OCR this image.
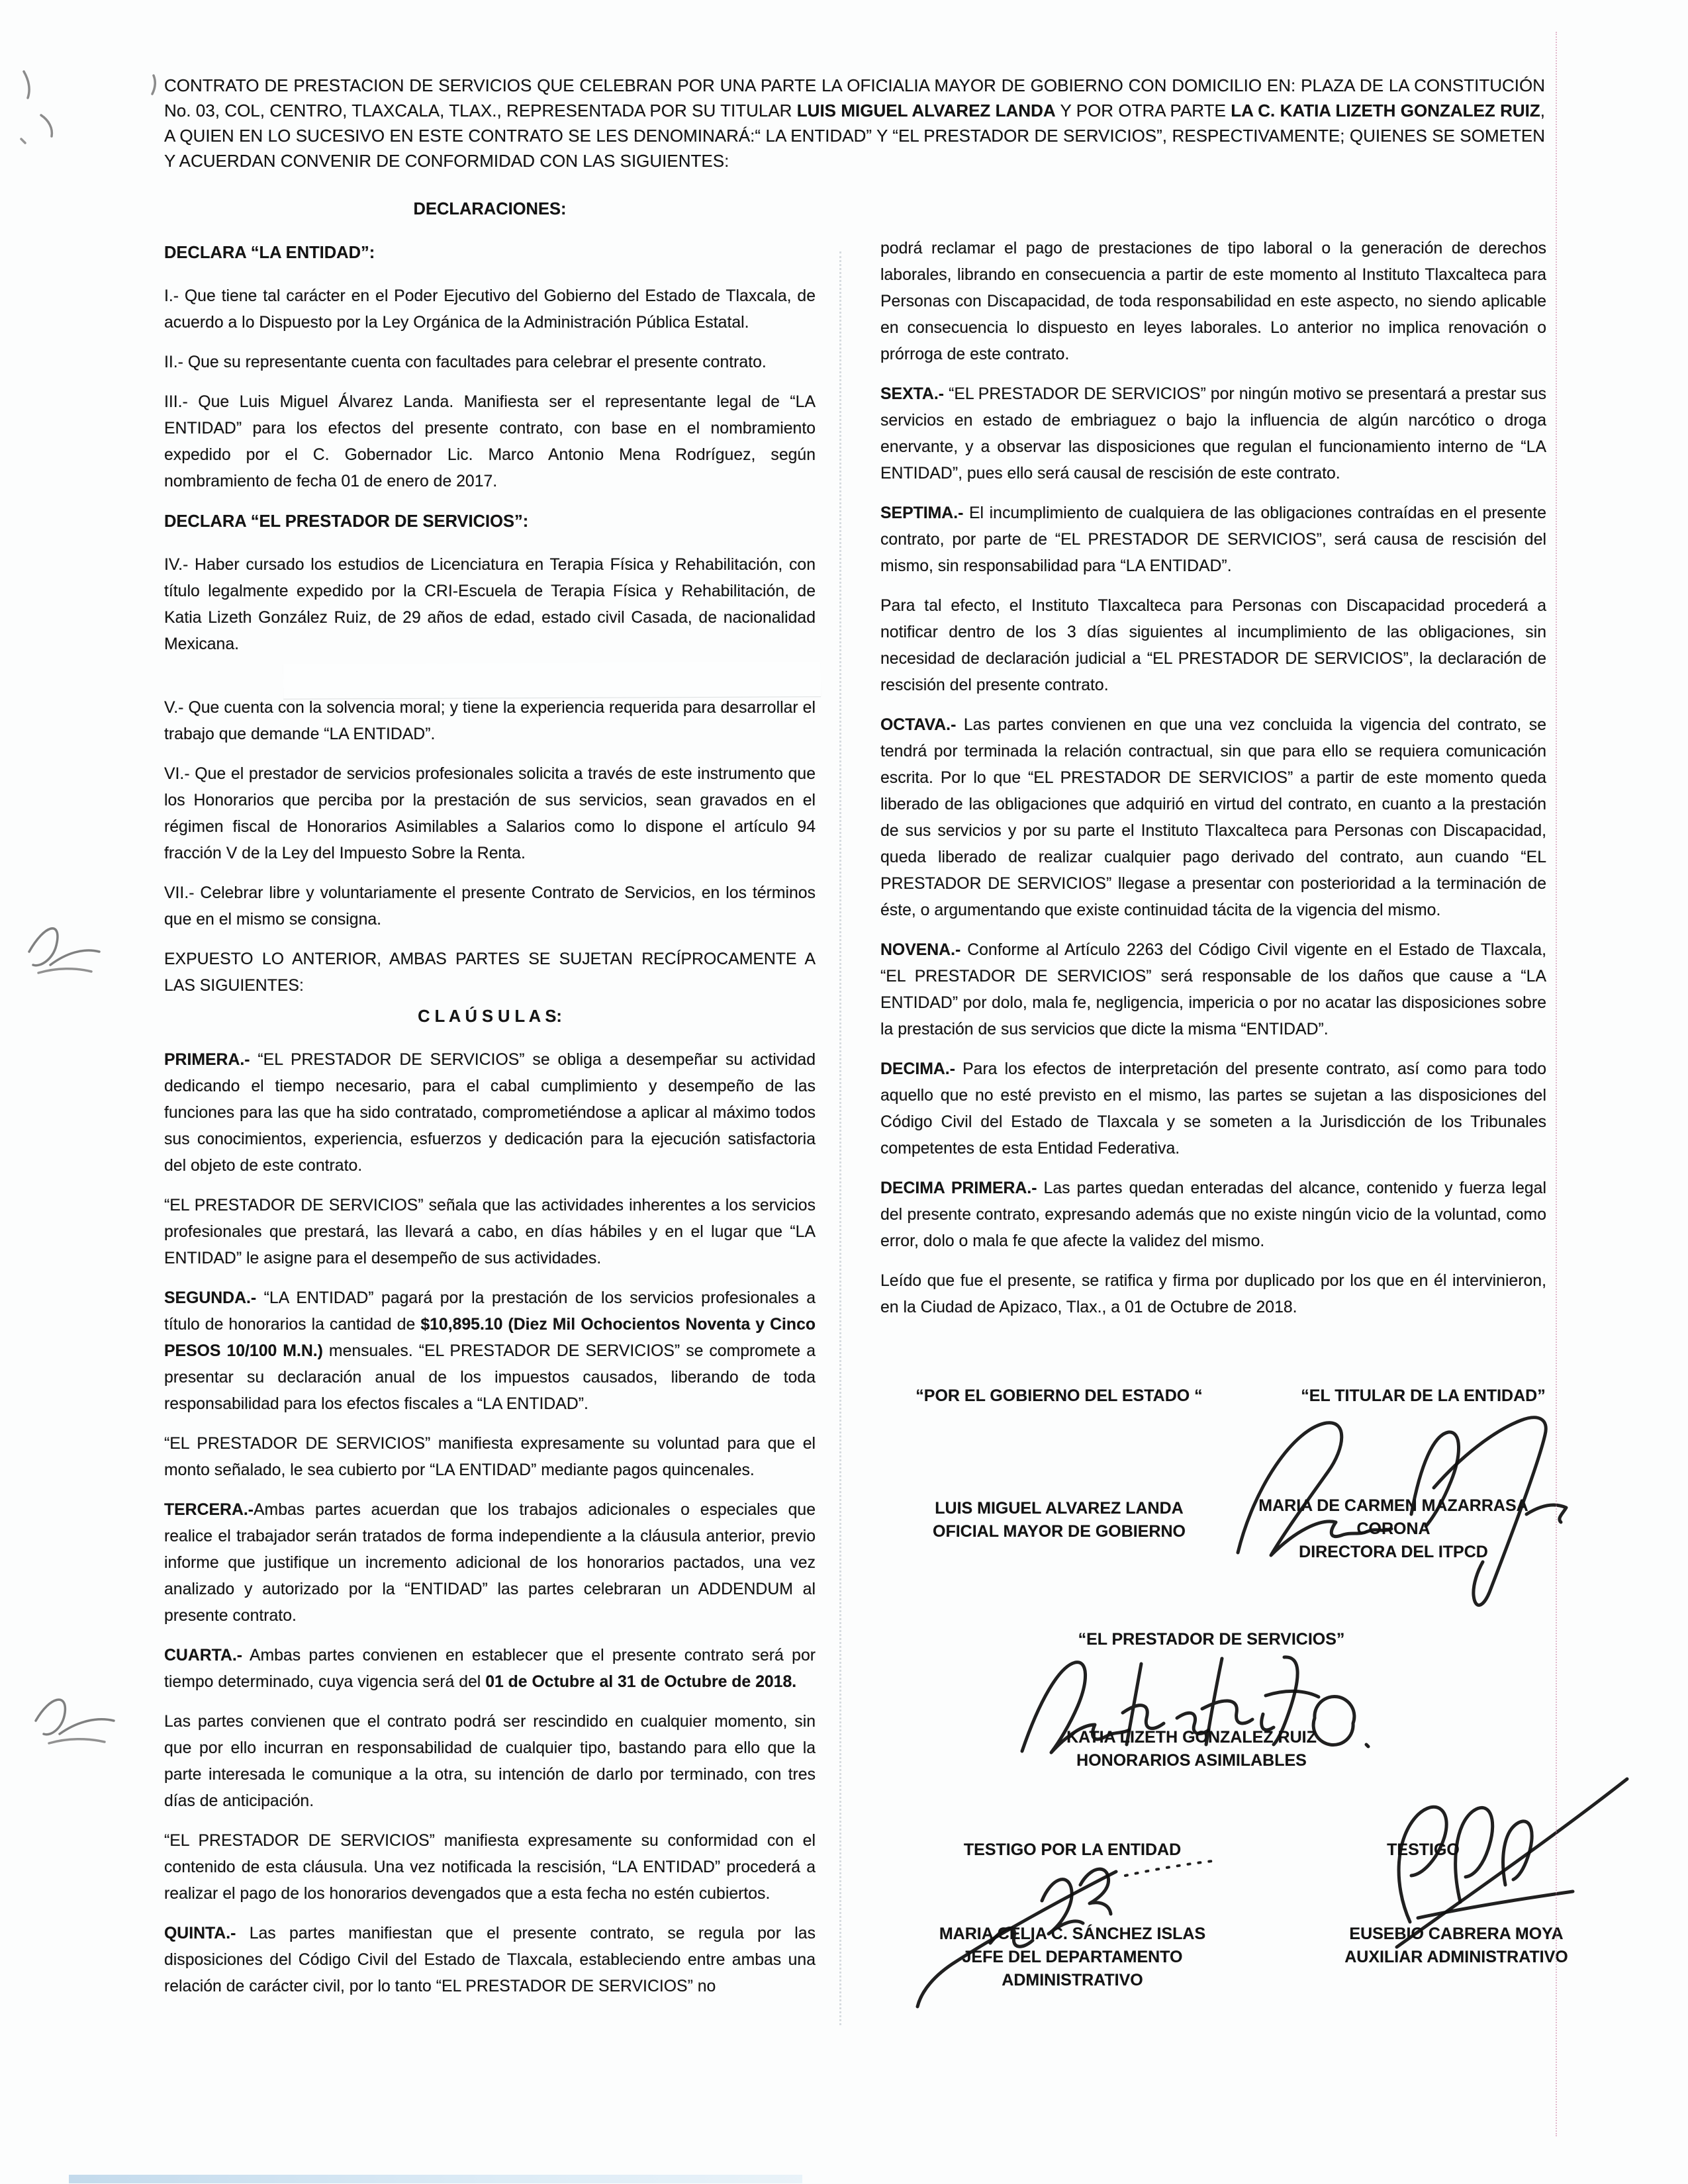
CONTRATO DE PRESTACION DE SERVICIOS QUE CELEBRAN POR UNA PARTE LA OFICIALIA MAYOR DE GOBIERNO CON DOMICILIO EN: PLAZA DE LA CONSTITUCIÓN No. 03, COL, CENTRO, TLAXCALA, TLAX., REPRESENTADA POR SU TITULAR LUIS MIGUEL ALVAREZ LANDA Y POR OTRA PARTE LA C. KATIA LIZETH GONZALEZ RUIZ, A QUIEN EN LO SUCESIVO EN ESTE CONTRATO SE LES DENOMINARÁ:“ LA ENTIDAD” Y “EL PRESTADOR DE SERVICIOS”, RESPECTIVAMENTE; QUIENES SE SOMETEN Y ACUERDAN CONVENIR DE CONFORMIDAD CON LAS SIGUIENTES:

DECLARACIONES:
DECLARA “LA ENTIDAD”:

I.- Que tiene tal carácter en el Poder Ejecutivo del Gobierno del Estado de Tlaxcala, de acuerdo a lo Dispuesto por la Ley Orgánica de la Administración Pública Estatal.

II.- Que su representante cuenta con facultades para celebrar el presente contrato.

III.- Que Luis Miguel Álvarez Landa. Manifiesta ser el representante legal de “LA ENTIDAD” para los efectos del presente contrato, con base en el nombramiento expedido por el C. Gobernador Lic. Marco Antonio Mena Rodríguez, según nombramiento de fecha 01 de enero de 2017.

DECLARA “EL PRESTADOR DE SERVICIOS”:

IV.- Haber cursado los estudios de Licenciatura en Terapia Física y Rehabilitación, con título legalmente expedido por la CRI-Escuela de Terapia Física y Rehabilitación, de Katia Lizeth González Ruiz, de 29 años de edad, estado civil Casada, de nacionalidad Mexicana.

V.- Que cuenta con la solvencia moral; y tiene la experiencia requerida para desarrollar el trabajo que demande “LA ENTIDAD”.

VI.- Que el prestador de servicios profesionales solicita a través de este instrumento que los Honorarios que perciba por la prestación de sus servicios, sean gravados en el régimen fiscal de Honorarios Asimilables a Salarios como lo dispone el artículo 94 fracción V de la Ley del Impuesto Sobre la Renta.

VII.- Celebrar libre y voluntariamente el presente Contrato de Servicios, en los términos que en el mismo se consigna.

EXPUESTO LO ANTERIOR, AMBAS PARTES SE SUJETAN RECÍPROCAMENTE A LAS SIGUIENTES:

C L A Ú S U L A S:

PRIMERA.- “EL PRESTADOR DE SERVICIOS” se obliga a desempeñar su actividad dedicando el tiempo necesario, para el cabal cumplimiento y desempeño de las funciones para las que ha sido contratado, comprometiéndose a aplicar al máximo todos sus conocimientos, experiencia, esfuerzos y dedicación para la ejecución satisfactoria del objeto de este contrato.

“EL PRESTADOR DE SERVICIOS” señala que las actividades inherentes a los servicios profesionales que prestará, las llevará a cabo, en días hábiles y en el lugar que “LA ENTIDAD” le asigne para el desempeño de sus actividades.

SEGUNDA.- “LA ENTIDAD” pagará por la prestación de los servicios profesionales a título de honorarios la cantidad de $10,895.10 (Diez Mil Ochocientos Noventa y Cinco PESOS 10/100 M.N.) mensuales. “EL PRESTADOR DE SERVICIOS” se compromete a presentar su declaración anual de los impuestos causados, liberando de toda responsabilidad para los efectos fiscales a “LA ENTIDAD”.

“EL PRESTADOR DE SERVICIOS” manifiesta expresamente su voluntad para que el monto señalado, le sea cubierto por “LA ENTIDAD” mediante pagos quincenales.

TERCERA.-Ambas partes acuerdan que los trabajos adicionales o especiales que realice el trabajador serán tratados de forma independiente a la cláusula anterior, previo informe que justifique un incremento adicional de los honorarios pactados, una vez analizado y autorizado por la “ENTIDAD” las partes celebraran un ADDENDUM al presente contrato.

CUARTA.- Ambas partes convienen en establecer que el presente contrato será por tiempo determinado, cuya vigencia será del 01 de Octubre al 31 de Octubre de 2018.

Las partes convienen que el contrato podrá ser rescindido en cualquier momento, sin que por ello incurran en responsabilidad de cualquier tipo, bastando para ello que la parte interesada le comunique a la otra, su intención de darlo por terminado, con tres días de anticipación.

“EL PRESTADOR DE SERVICIOS” manifiesta expresamente su conformidad con el contenido de esta cláusula. Una vez notificada la rescisión, “LA ENTIDAD” procederá a realizar el pago de los honorarios devengados que a esta fecha no estén cubiertos.

QUINTA.- Las partes manifiestan que el presente contrato, se regula por las disposiciones del Código Civil del Estado de Tlaxcala, estableciendo entre ambas una relación de carácter civil, por lo tanto “EL PRESTADOR DE SERVICIOS” no

podrá reclamar el pago de prestaciones de tipo laboral o la generación de derechos laborales, librando en consecuencia a partir de este momento al Instituto Tlaxcalteca para Personas con Discapacidad, de toda responsabilidad en este aspecto, no siendo aplicable en consecuencia lo dispuesto en leyes laborales. Lo anterior no implica renovación o prórroga de este contrato.

SEXTA.- “EL PRESTADOR DE SERVICIOS” por ningún motivo se presentará a prestar sus servicios en estado de embriaguez o bajo la influencia de algún narcótico o droga enervante, y a observar las disposiciones que regulan el funcionamiento interno de “LA ENTIDAD”, pues ello será causal de rescisión de este contrato.

SEPTIMA.- El incumplimiento de cualquiera de las obligaciones contraídas en el presente contrato, por parte de “EL PRESTADOR DE SERVICIOS”, será causa de rescisión del mismo, sin responsabilidad para “LA ENTIDAD”.

Para tal efecto, el Instituto Tlaxcalteca para Personas con Discapacidad procederá a notificar dentro de los 3 días siguientes al incumplimiento de las obligaciones, sin necesidad de declaración judicial a “EL PRESTADOR DE SERVICIOS”, la declaración de rescisión del presente contrato.

OCTAVA.- Las partes convienen en que una vez concluida la vigencia del contrato, se tendrá por terminada la relación contractual, sin que para ello se requiera comunicación escrita. Por lo que “EL PRESTADOR DE SERVICIOS” a partir de este momento queda liberado de las obligaciones que adquirió en virtud del contrato, en cuanto a la prestación de sus servicios y por su parte el Instituto Tlaxcalteca para Personas con Discapacidad, queda liberado de realizar cualquier pago derivado del contrato, aun cuando “EL PRESTADOR DE SERVICIOS” llegase a presentar con posterioridad a la terminación de éste, o argumentando que existe continuidad tácita de la vigencia del mismo.

NOVENA.- Conforme al Artículo 2263 del Código Civil vigente en el Estado de Tlaxcala, “EL PRESTADOR DE SERVICIOS” será responsable de los daños que cause a “LA ENTIDAD” por dolo, mala fe, negligencia, impericia o por no acatar las disposiciones sobre la prestación de sus servicios que dicte la misma “ENTIDAD”.

DECIMA.- Para los efectos de interpretación del presente contrato, así como para todo aquello que no esté previsto en el mismo, las partes se sujetan a las disposiciones del Código Civil del Estado de Tlaxcala y se someten a la Jurisdicción de los Tribunales competentes de esta Entidad Federativa.

DECIMA PRIMERA.- Las partes quedan enteradas del alcance, contenido y fuerza legal del presente contrato, expresando además que no existe ningún vicio de la voluntad, como error, dolo o mala fe que afecte la validez del mismo.

Leído que fue el presente, se ratifica y firma por duplicado por los que en él intervinieron, en la Ciudad de Apizaco, Tlax., a 01 de Octubre de 2018.

“POR EL GOBIERNO DEL ESTADO “	“EL TITULAR DE LA ENTIDAD”
LUIS MIGUEL ALVAREZ LANDA
OFICIAL MAYOR DE GOBIERNO
MARIA DE CARMEN MAZARRASA CORONA
DIRECTORA DEL ITPCD
“EL PRESTADOR DE SERVICIOS”
KATIA LIZETH GONZALEZ RUIZ
HONORARIOS ASIMILABLES
TESTIGO POR LA ENTIDAD	TESTIGO
MARIA CELIA C. SÁNCHEZ ISLAS
JEFE DEL DEPARTAMENTO ADMINISTRATIVO
EUSEBIO CABRERA MOYA
AUXILIAR ADMINISTRATIVO
